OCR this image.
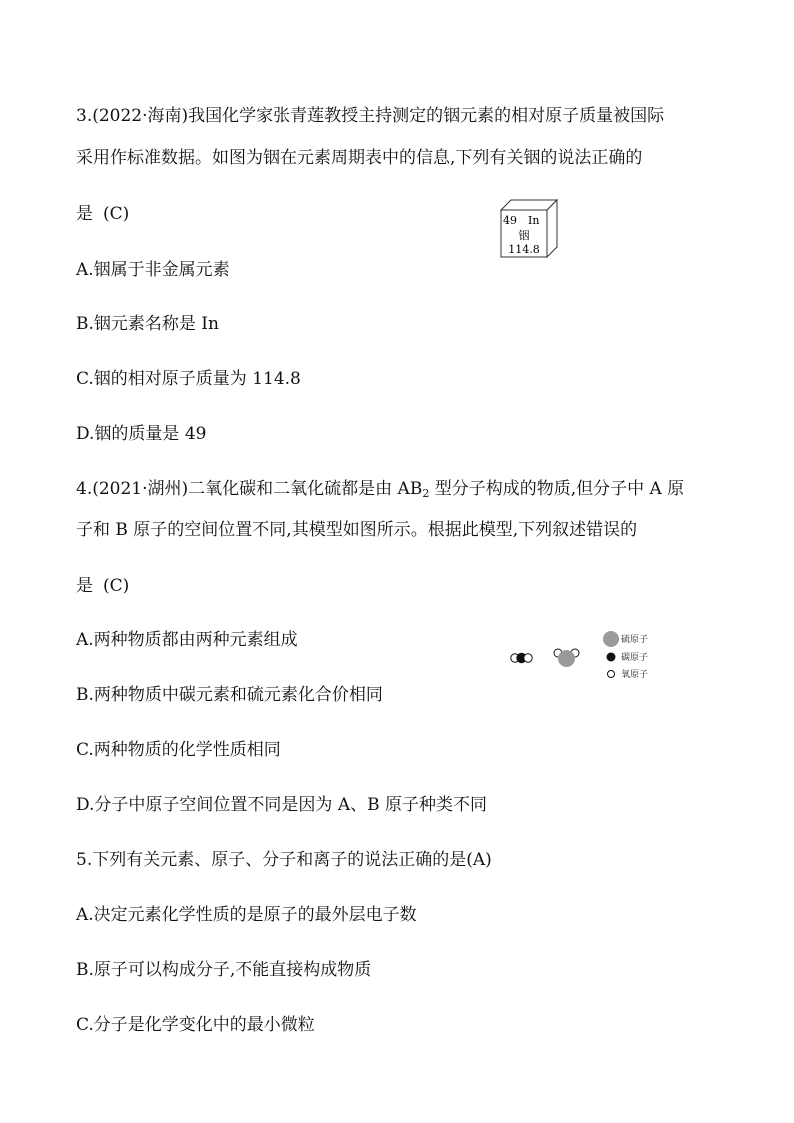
3.(2022·海南)我国化学家张青莲教授主持测定的铟元素的相对原子质量被国际
采用作标准数据。如图为铟在元素周期表中的信息,下列有关铟的说法正确的
是 (C)	49 In
铟
114.8
A.铟属于非金属元素
B.铟元素名称是 In
C.铟的相对原子质量为 114.8
D.铟的质量是 49
4.(2021·湖州)二氧化碳和二氧化硫都是由 $AB_2$ 型分子构成的物质,但分子中 A 原
子和 B 原子的空间位置不同,其模型如图所示。根据此模型,下列叙述错误的
是 (C)
硫原子
碳原子
氧原子
A.两种物质都由两种元素组成
B.两种物质中碳元素和硫元素化合价相同
C.两种物质的化学性质相同
D.分子中原子空间位置不同是因为 A、B 原子种类不同
5.下列有关元素、原子、分子和离子的说法正确的是(A)
A.决定元素化学性质的是原子的最外层电子数
B.原子可以构成分子,不能直接构成物质
C.分子是化学变化中的最小微粒
